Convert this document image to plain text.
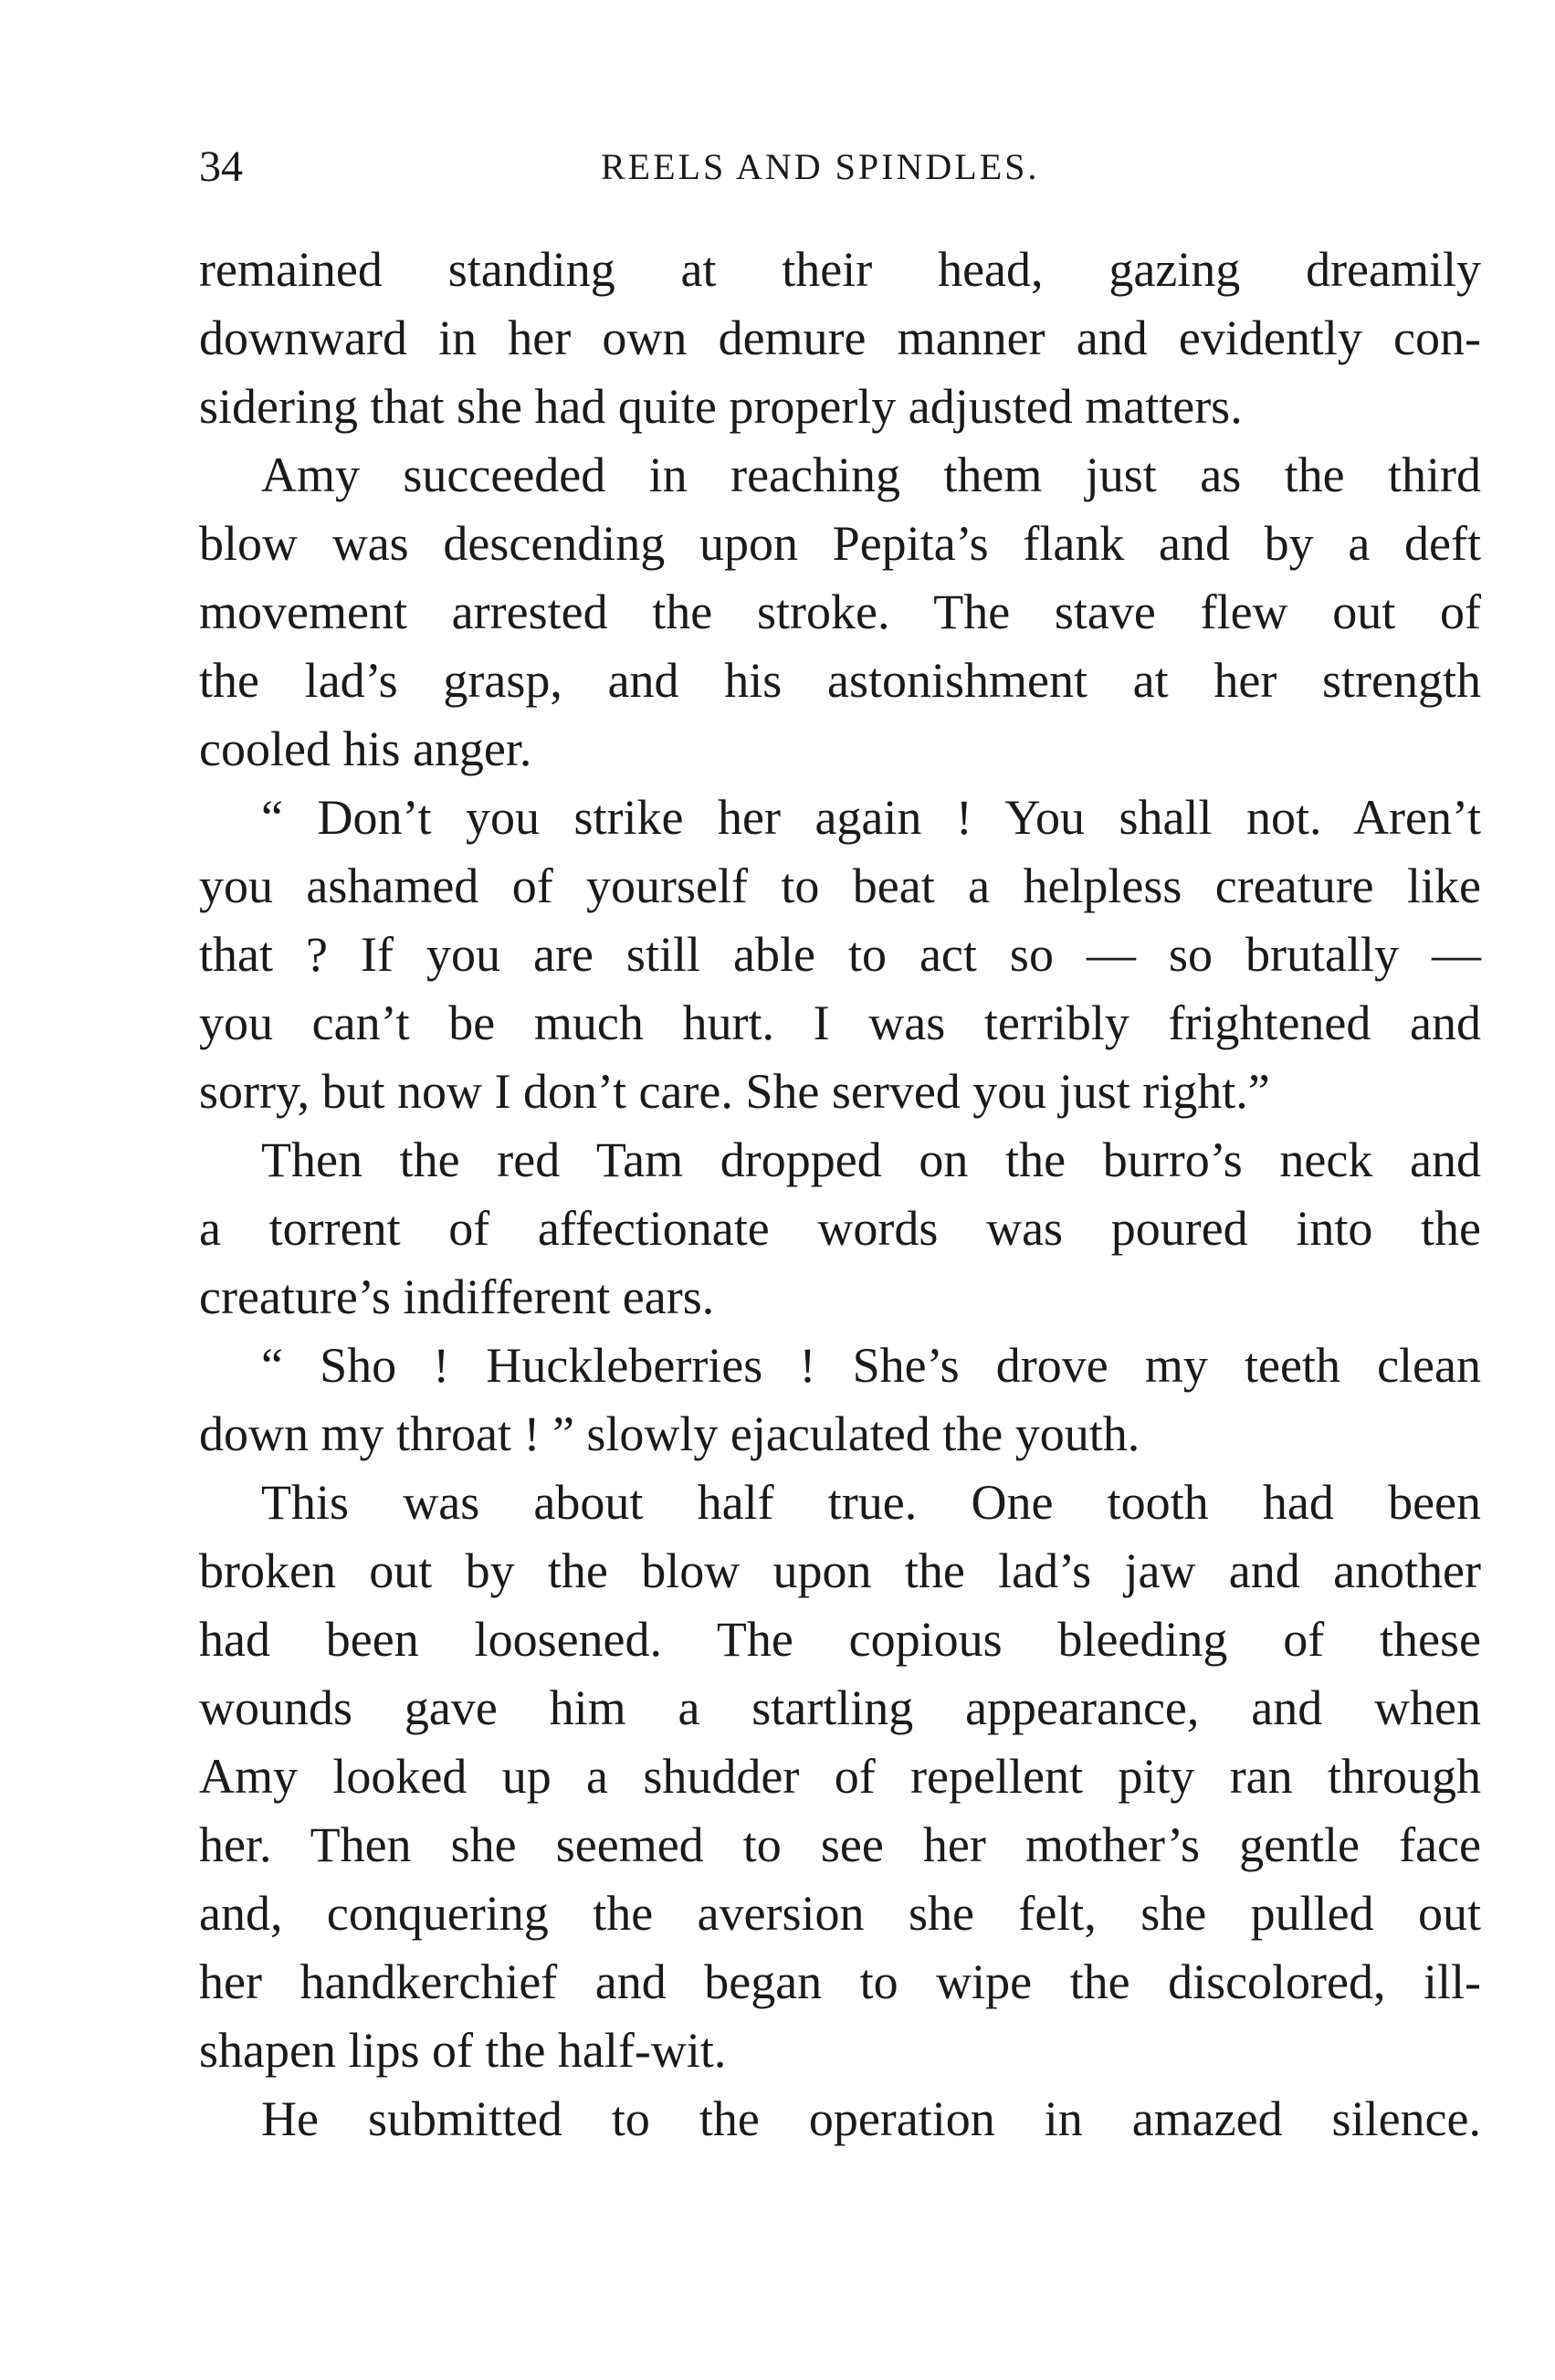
34	REELS AND SPINDLES.
remained standing at their head, gazing dreamily
downward in her own demure manner and evidently con-
sidering that she had quite properly adjusted matters.
Amy succeeded in reaching them just as the third
blow was descending upon Pepita’s flank and by a deft
movement arrested the stroke. The stave flew out of
the lad’s grasp, and his astonishment at her strength
cooled his anger.
“ Don’t you strike her again ! You shall not. Aren’t
you ashamed of yourself to beat a helpless creature like
that ? If you are still able to act so — so brutally —
you can’t be much hurt. I was terribly frightened and
sorry, but now I don’t care. She served you just right.”
Then the red Tam dropped on the burro’s neck and
a torrent of affectionate words was poured into the
creature’s indifferent ears.
“ Sho ! Huckleberries ! She’s drove my teeth clean
down my throat ! ” slowly ejaculated the youth.
This was about half true. One tooth had been
broken out by the blow upon the lad’s jaw and another
had been loosened. The copious bleeding of these
wounds gave him a startling appearance, and when
Amy looked up a shudder of repellent pity ran through
her. Then she seemed to see her mother’s gentle face
and, conquering the aversion she felt, she pulled out
her handkerchief and began to wipe the discolored, ill-
shapen lips of the half-wit.
He submitted to the operation in amazed silence.
